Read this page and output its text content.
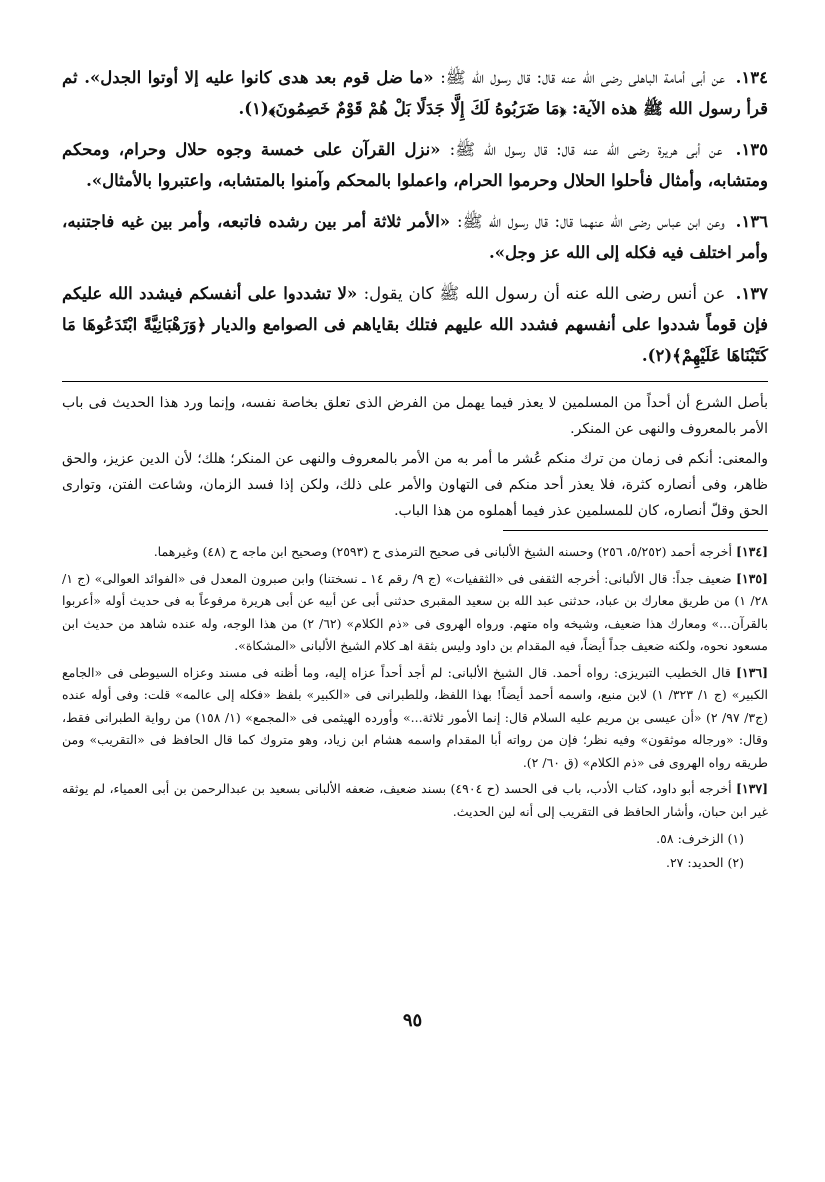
١٣٤. عن أبى أمامة الباهلى رضى الله عنه قال: قال رسول الله ﷺ: «ما ضل قوم بعد هدى كانوا عليه إلا أوتوا الجدل». ثم قرأ رسول الله ﷺ هذه الآية: ﴿مَا ضَرَبُوهُ لَكَ إِلَّا جَدَلًا بَلْ هُمْ قَوْمٌ خَصِمُونَ﴾(١).

١٣٥. عن أبى هريرة رضى الله عنه قال: قال رسول الله ﷺ: «نزل القرآن على خمسة وجوه حلال وحرام، ومحكم ومتشابه، وأمثال فأحلوا الحلال وحرموا الحرام، واعملوا بالمحكم وآمنوا بالمتشابه، واعتبروا بالأمثال».

١٣٦. وعن ابن عباس رضى الله عنهما قال: قال رسول الله ﷺ: «الأمر ثلاثة أمر بين رشده فاتبعه، وأمر بين غيه فاجتنبه، وأمر اختلف فيه فكله إلى الله عز وجل».

١٣٧. عن أنس رضى الله عنه أن رسول الله ﷺ كان يقول: «لا تشددوا على أنفسكم فيشدد الله عليكم فإن قوماً شددوا على أنفسهم فشدد الله عليهم فتلك بقاياهم فى الصوامع والديار ﴿وَرَهْبَانِيَّةً ابْتَدَعُوهَا مَا كَتَبْنَاهَا عَلَيْهِمْ﴾(٢).

بأصل الشرع أن أحداً من المسلمين لا يعذر فيما يهمل من الفرض الذى تعلق بخاصة نفسه، وإنما ورد هذا الحديث فى باب الأمر بالمعروف والنهى عن المنكر.

والمعنى: أنكم فى زمان من ترك منكم عُشر ما أمر به من الأمر بالمعروف والنهى عن المنكر؛ هلك؛ لأن الدين عزيز، والحق ظاهر، وفى أنصاره كثرة، فلا يعذر أحد منكم فى التهاون والأمر على ذلك، ولكن إذا فسد الزمان، وشاعت الفتن، وتوارى الحق وقلّ أنصاره، كان للمسلمين عذر فيما أهملوه من هذا الباب.

[١٣٤] أخرجه أحمد (٥/٢٥٢، ٢٥٦) وحسنه الشيخ الألبانى فى صحيح الترمذى ح (٢٥٩٣) وصحيح ابن ماجه ح (٤٨) وغيرهما.

[١٣٥] ضعيف جداً: قال الألبانى: أخرجه الثقفى فى «الثقفيات» (ج ٩/ رقم ١٤ ـ نسختنا) وابن صبرون المعدل فى «الفوائد العوالى» (ج ١/ ٢٨/ ١) من طريق معارك بن عباد، حدثنى عبد الله بن سعيد المقبرى حدثنى أبى عن أبيه عن أبى هريرة مرفوعاً به فى حديث أوله «أعربوا بالقرآن...» ومعارك هذا ضعيف، وشيخه واه متهم. ورواه الهروى فى «ذم الكلام» (٦٢/ ٢) من هذا الوجه، وله عنده شاهد من حديث ابن مسعود نحوه، ولكنه ضعيف جداً أيضاً، فيه المقدام بن داود وليس بثقة اهـ كلام الشيخ الألبانى «المشكاة».

[١٣٦] قال الخطيب التبريزى: رواه أحمد. قال الشيخ الألبانى: لم أجد أحداً عزاه إليه، وما أظنه فى مسند وعزاه السيوطى فى «الجامع الكبير» (ج ١/ ٣٢٣/ ١) لابن منيع، واسمه أحمد أيضاً! بهذا اللفظ، وللطبرانى فى «الكبير» بلفظ «فكله إلى عالمه» قلت: وفى أوله عنده (ج٣/ ٩٧/ ٢) «أن عيسى بن مريم عليه السلام قال: إنما الأمور ثلاثة...» وأورده الهيثمى فى «المجمع» (١/ ١٥٨) من رواية الطبرانى فقط، وقال: «ورجاله موثقون» وفيه نظر؛ فإن من رواته أبا المقدام واسمه هشام ابن زياد، وهو متروك كما قال الحافظ فى «التقريب» ومن طريقه رواه الهروى فى «ذم الكلام» (ق ٦٠/ ٢).

[١٣٧] أخرجه أبو داود، كتاب الأدب، باب فى الحسد (ح ٤٩٠٤) بسند ضعيف، ضعفه الألبانى بسعيد بن عبدالرحمن بن أبى العمياء، لم يوثقه غير ابن حبان، وأشار الحافظ فى التقريب إلى أنه لين الحديث.

(١) الزخرف: ٥٨.

(٢) الحديد: ٢٧.

٩٥
